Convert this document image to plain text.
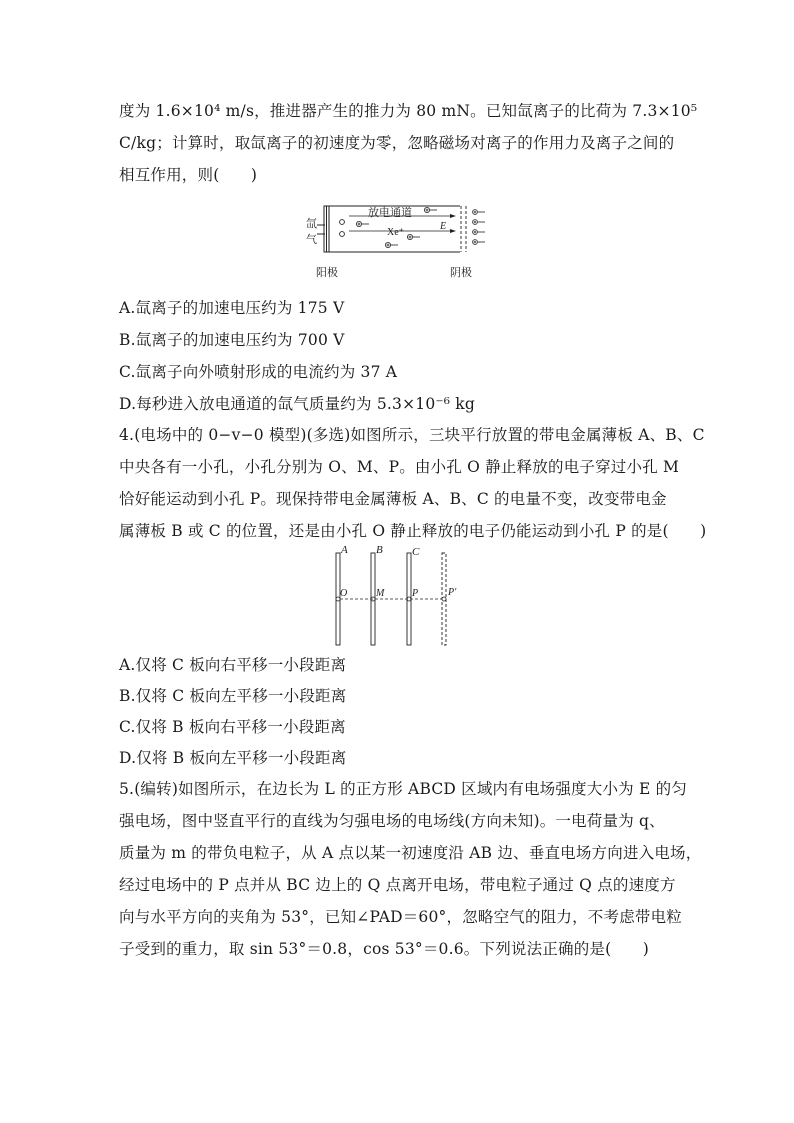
度为 1.6×10⁴ m/s，推进器产生的推力为 80 mN。已知氙离子的比荷为 7.3×10⁵
C/kg；计算时，取氙离子的初速度为零，忽略磁场对离子的作用力及离子之间的
相互作用，则(　　)
放电通道
E
Xe⁺
氙
气
阳极	阴极
A.氙离子的加速电压约为 175 V
B.氙离子的加速电压约为 700 V
C.氙离子向外喷射形成的电流约为 37 A
D.每秒进入放电通道的氙气质量约为 5.3×10⁻⁶ kg
4.(电场中的 0−v−0 模型)(多选)如图所示，三块平行放置的带电金属薄板 A、B、C
中央各有一小孔，小孔分别为 O、M、P。由小孔 O 静止释放的电子穿过小孔 M
恰好能运动到小孔 P。现保持带电金属薄板 A、B、C 的电量不变，改变带电金
属薄板 B 或 C 的位置，还是由小孔 O 静止释放的电子仍能运动到小孔 P 的是(　　)
A	B	C
O	M	P	P′
A.仅将 C 板向右平移一小段距离
B.仅将 C 板向左平移一小段距离
C.仅将 B 板向右平移一小段距离
D.仅将 B 板向左平移一小段距离
5.(编转)如图所示，在边长为 L 的正方形 ABCD 区域内有电场强度大小为 E 的匀
强电场，图中竖直平行的直线为匀强电场的电场线(方向未知)。一电荷量为 q、
质量为 m 的带负电粒子，从 A 点以某一初速度沿 AB 边、垂直电场方向进入电场，
经过电场中的 P 点并从 BC 边上的 Q 点离开电场，带电粒子通过 Q 点的速度方
向与水平方向的夹角为 53°，已知∠PAD＝60°，忽略空气的阻力，不考虑带电粒
子受到的重力，取 sin 53°＝0.8，cos 53°＝0.6。下列说法正确的是(　　)
